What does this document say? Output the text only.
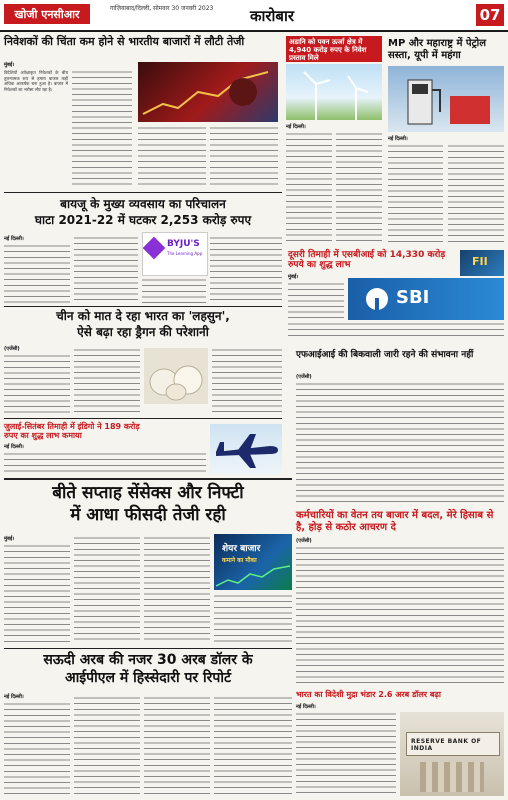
खोजी एनसीआर	गाज़ियाबाद/दिल्ली, सोमवार 30 जनवरी 2023 कारोबार	07
निवेशकों की चिंता कम होने से भारतीय बाजारों में लौटी तेजी
मुंबई।
विदेशियों अपेक्षाकृत निवेशकों के बीच तुलनात्मक रूप से हमारा बाजार कहीं अधिक आकर्षक बना हुआ है। बाजार में निवेशकों का भरोसा लौट रहा है।
अडानि को पवन ऊर्जा क्षेत्र में 4,940 करोड़ रुपए के निवेश प्रस्ताव मिले
नई दिल्ली।
MP और महाराष्ट्र में पेट्रोल सस्ता, यूपी में महंगा
नई दिल्ली।
बायजू के मुख्य व्यवसाय का परिचालन
घाटा 2021-22 में घटकर 2,253 करोड़ रुपए
नई दिल्ली।	BYJU'S
The Learning App
चीन को मात दे रहा भारत का 'लहसुन',
ऐसे बढ़ा रहा ड्रैगन की परेशानी
(एजेंसी)
दूसरी तिमाही में एसबीआई को 14,330 करोड़ रुपये का शुद्ध लाभ
मुंबई।
SBI
FII
एफआईआई की बिकवाली जारी रहने की संभावना नहीं
(एजेंसी)
जुलाई-सितंबर तिमाही में इंडिगो ने 189 करोड़ रुपए का शुद्ध लाभ कमाया
नई दिल्ली।
बीते सप्ताह सेंसेक्स और निफ्टी
में आधा फीसदी तेजी रही
मुंबई।
शेयर बाजार
कमाने का मौका
कर्मचारियों का वेतन तय बाजार में बदल, मेरे हिसाब से है, होड़ से कठोर आचरण दे
(एजेंसी)
सऊदी अरब की नजर 30 अरब डॉलर के
आईपीएल में हिस्सेदारी पर रिपोर्ट
नई दिल्ली।	भारत का विदेशी मुद्रा भंडार 2.6 अरब डॉलर बढ़ा
नई दिल्ली।
RESERVE BANK OF INDIA
